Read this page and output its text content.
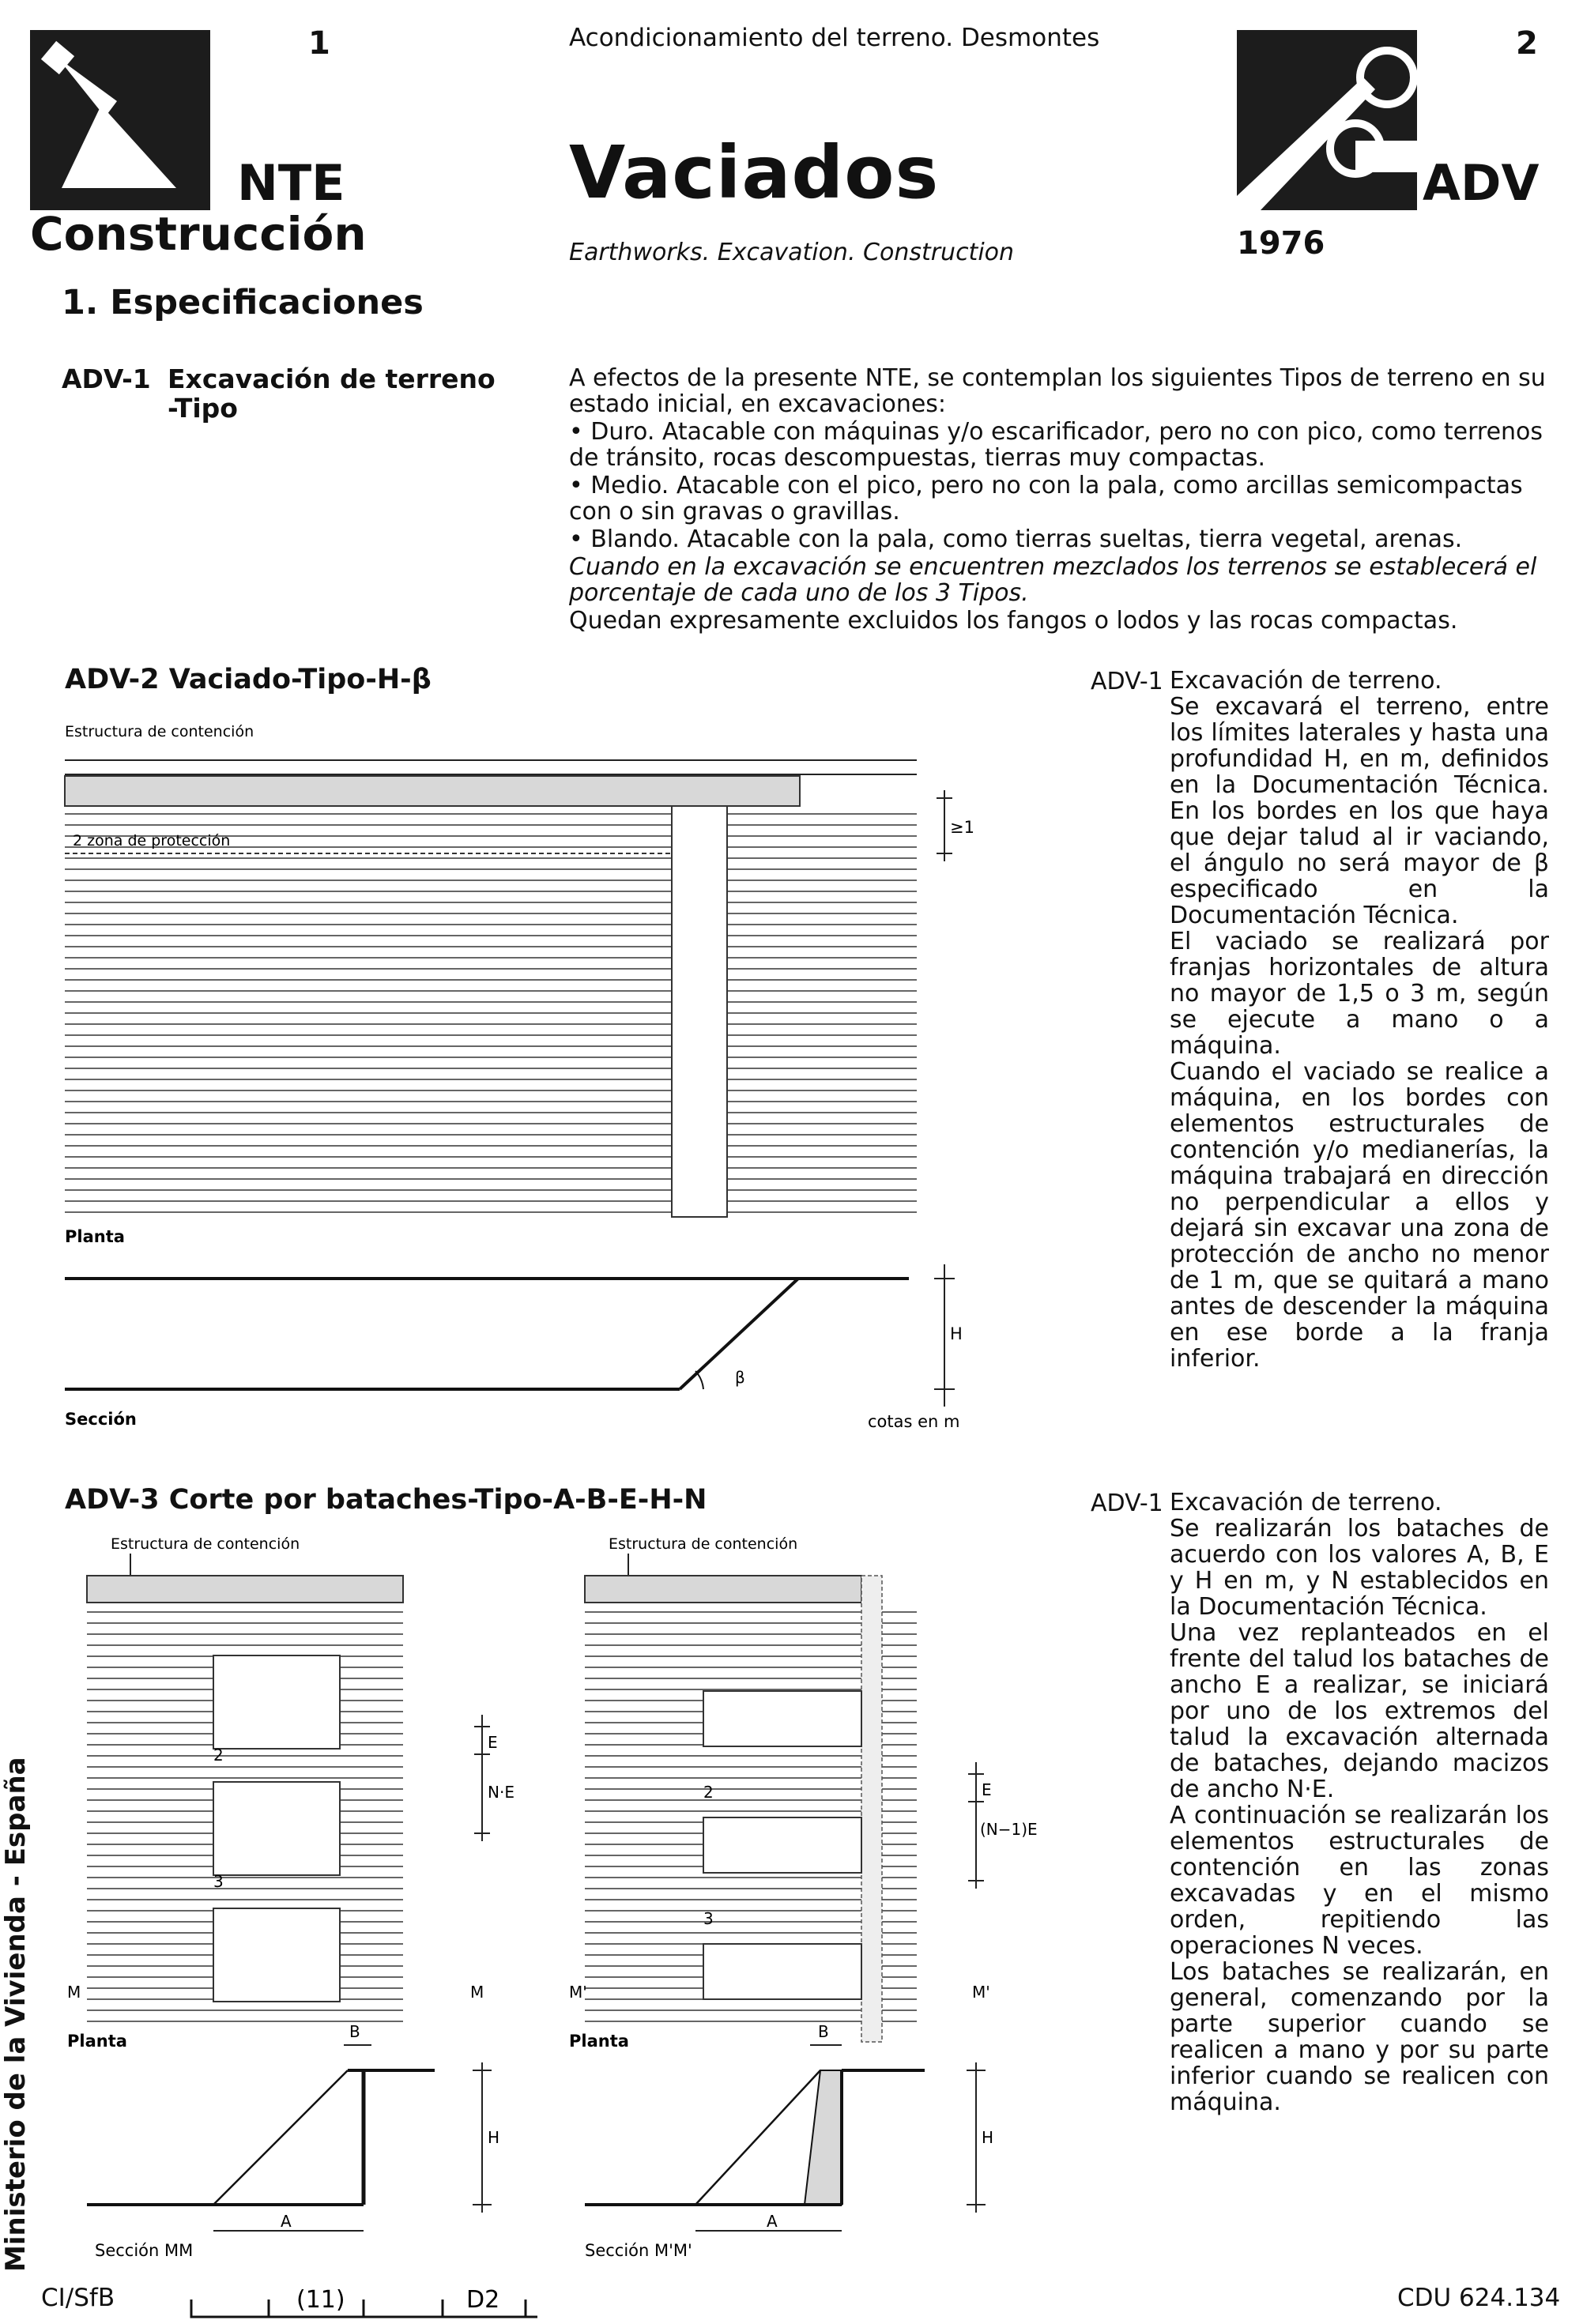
1
NTE
Construcción
Acondicionamiento del terreno. Desmontes
Vaciados
Earthworks. Excavation. Construction
2
ADV
1976
1. Especificaciones
ADV-1 Excavación de terreno
-Tipo

A efectos de la presente NTE, se contemplan los siguientes Tipos de terreno en su estado inicial, en excavaciones:

• Duro. Atacable con máquinas y/o escarificador, pero no con pico, como terrenos de tránsito, rocas descompuestas, tierras muy compactas.

• Medio. Atacable con el pico, pero no con la pala, como arcillas semicompactas con o sin gravas o gravillas.

• Blando. Atacable con la pala, como tierras sueltas, tierra vegetal, arenas.

Cuando en la excavación se encuentren mezclados los terrenos se establecerá el porcentaje de cada uno de los 3 Tipos.

Quedan expresamente excluidos los fangos o lodos y las rocas compactas.

ADV-2 Vaciado-Tipo-H-β
Estructura de contención
2 zona de protección
≥1
Planta
β
H
Sección	cotas en m
ADV-1 Excavación de terreno.

Se excavará el terreno, entre los límites laterales y hasta una profundidad H, en m, definidos en la Documentación Técnica. En los bordes en los que haya que dejar talud al ir vaciando, el ángulo no será mayor de β especificado en la Documentación Técnica.

El vaciado se realizará por franjas horizontales de altura no mayor de 1,5 o 3 m, según se ejecute a mano o a máquina.

Cuando el vaciado se realice a máquina, en los bordes con elementos estructurales de contención y/o medianerías, la máquina trabajará en dirección no perpendicular a ellos y dejará sin excavar una zona de protección de ancho no menor de 1 m, que se quitará a mano antes de descender la máquina en ese borde a la franja inferior.

ADV-3 Corte por bataches-Tipo-A-B-E-H-N
Estructura de contención
2
3
E
N·E
M	M
Planta	B
H
A
Sección MM
Estructura de contención
2
3
E
(N−1)E
M'	M'
Planta	B
H
A
Sección M'M'
ADV-1 Excavación de terreno.

Se realizarán los bataches de acuerdo con los valores A, B, E y H en m, y N establecidos en la Documentación Técnica.

Una vez replanteados en el frente del talud los bataches de ancho E a realizar, se iniciará por uno de los extremos del talud la excavación alternada de bataches, dejando macizos de ancho N·E.

A continuación se realizarán los elementos estructurales de contención en las zonas excavadas y en el mismo orden, repitiendo las operaciones N veces.

Los bataches se realizarán, en general, comenzando por la parte superior cuando se realicen a mano y por su parte inferior cuando se realicen con máquina.

Ministerio de la Vivienda - España
CI/SfB	(11)	D2	CDU 624.134
